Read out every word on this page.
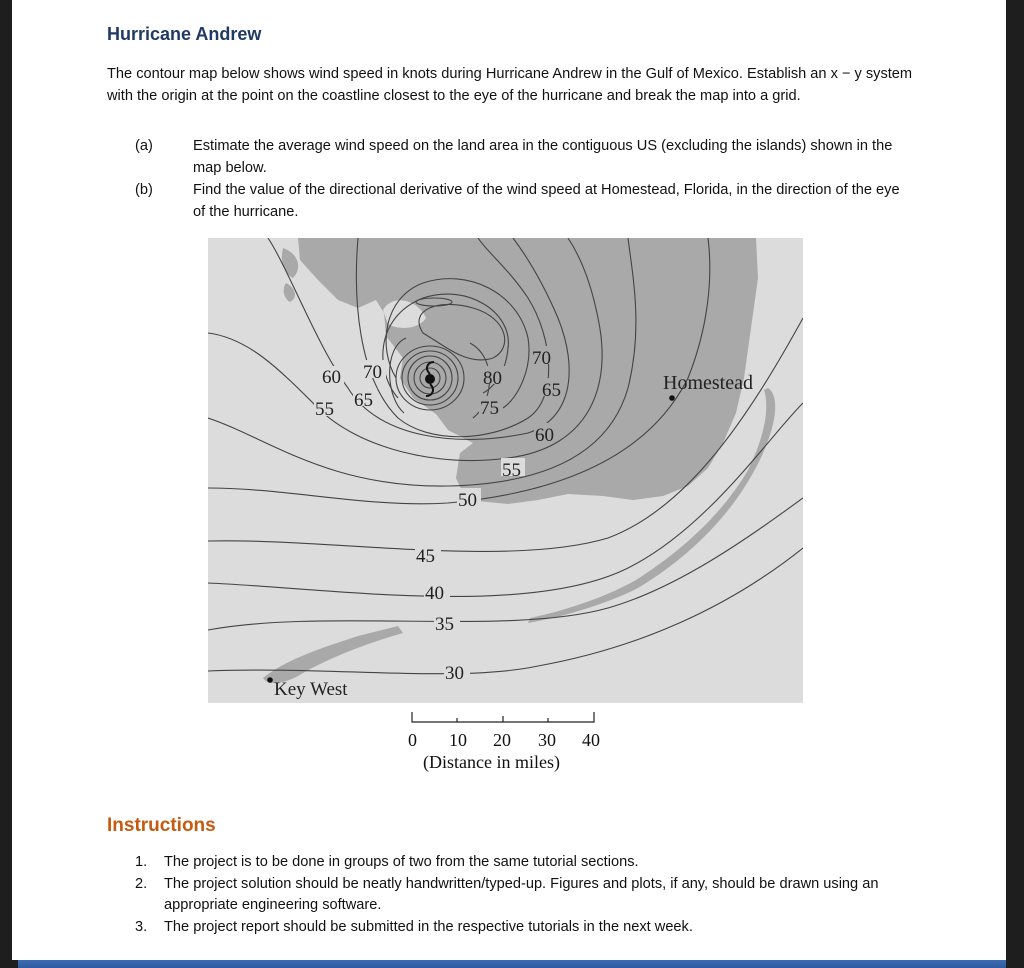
Hurricane Andrew
The contour map below shows wind speed in knots during Hurricane Andrew in the Gulf of Mexico. Establish an x − y system with the origin at the point on the coastline closest to the eye of the hurricane and break the map into a grid.
(a)	Estimate the average wind speed on the land area in the contiguous US (excluding the islands) shown in the map below.
(b)	Find the value of the directional derivative of the wind speed at Homestead, Florida, in the direction of the eye of the hurricane.
60 70
55 65
80
70
65
75
60
55
50
45
40
35
30
Homestead
Key West
0 10 20 30 40
(Distance in miles)
Instructions
1. The project is to be done in groups of two from the same tutorial sections.
2. The project solution should be neatly handwritten/typed-up. Figures and plots, if any, should be drawn using an appropriate engineering software.
3. The project report should be submitted in the respective tutorials in the next week.
